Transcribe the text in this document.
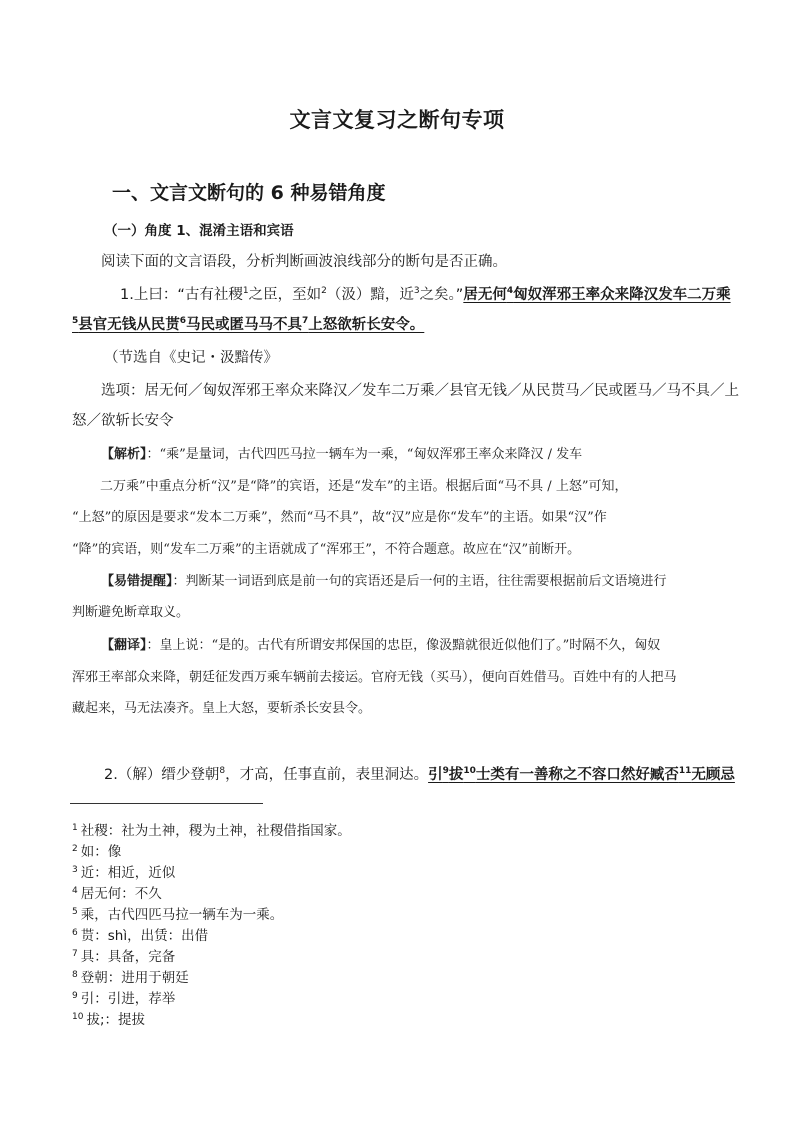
文言文复习之断句专项
一、文言文断句的 6 种易错角度
（一）角度 1、混淆主语和宾语
阅读下面的文言语段，分析判断画波浪线部分的断句是否正确。
1.上曰：“古有社稷$^1$之臣，至如$^2$（汲）黯，近$^3$之矣。”居无何$^4$匈奴浑邪王率众来降汉发车二万乘
$^5$县官无钱从民贳$^6$马民或匿马马不具$^7$上怒欲斩长安令。
（节选自《史记・汲黯传》
选项：居无何／匈奴浑邪王率众来降汉／发车二万乘／县官无钱／从民贳马／民或匿马／马不具／上
怒／欲斩长安令
【解析】：“乘”是量词，古代四匹马拉一辆车为一乘，“匈奴浑邪王率众来降汉 / 发车
二万乘”中重点分析“汉”是“降”的宾语，还是“发车”的主语。根据后面“马不具 / 上怒”可知，
“上怒”的原因是要求“发本二万乘”，然而“马不具”，故“汉”应是你“发车”的主语。如果“汉”作
“降”的宾语，则“发车二万乘”的主语就成了“浑邪王”，不符合题意。故应在“汉”前断开。
【易错提醒】：判断某一词语到底是前一句的宾语还是后一何的主语，往往需要根据前后文语境进行
判断避免断章取义。
【翻译】：皇上说：“是的。古代有所谓安邦保国的忠臣，像汲黯就很近似他们了。”时隔不久，匈奴
浑邪王率部众来降，朝廷征发西万乘车辆前去接运。官府无钱（买马），便向百姓借马。百姓中有的人把马
藏起来，马无法凑齐。皇上大怒，要斩杀长安县令。
2.（解）缙少登朝$^8$，才高，任事直前，表里洞达。引$^9$拔$^{10}$士类有一善称之不容口然好臧否$^{11}$无顾忌
$^1$ 社稷：社为土神，稷为土神，社稷借指国家。
$^2$ 如：像
$^3$ 近：相近，近似
$^4$ 居无何：不久
$^5$ 乘，古代四匹马拉一辆车为一乘。
$^6$ 贳：shì，出赁：出借
$^7$ 具：具备，完备
$^8$ 登朝：进用于朝廷
$^9$ 引：引进，荐举
$^{10}$ 拔;：提拔
